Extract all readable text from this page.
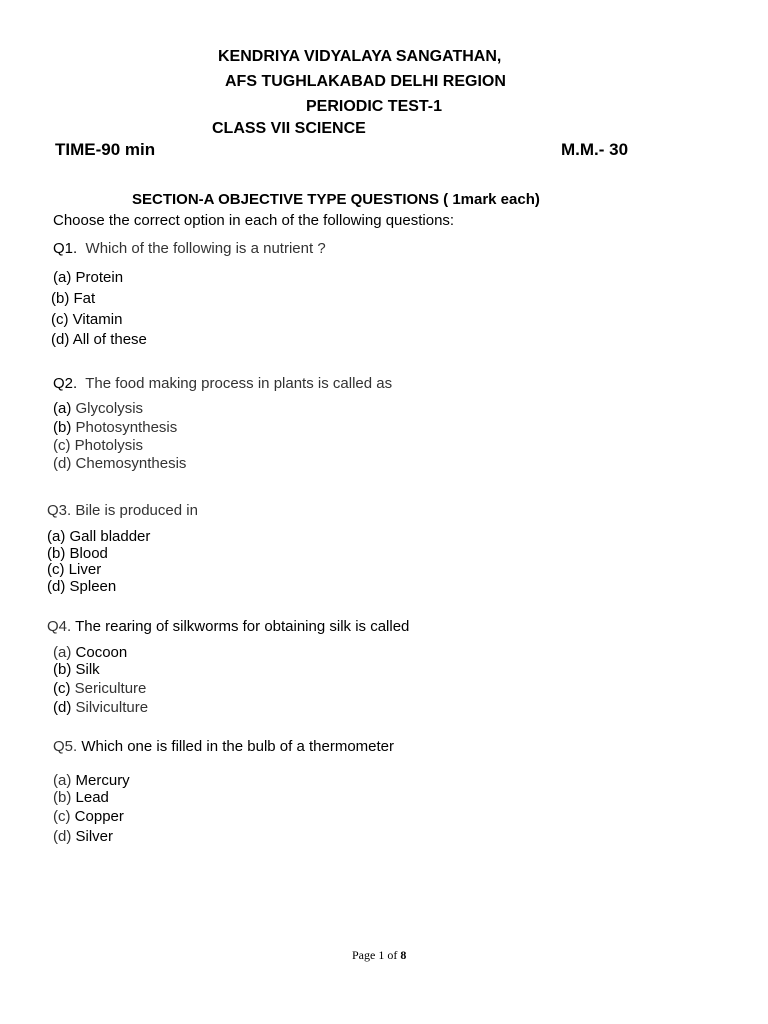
KENDRIYA VIDYALAYA SANGATHAN,
AFS TUGHLAKABAD DELHI REGION
PERIODIC TEST-1
CLASS VII SCIENCE
TIME-90 min	M.M.- 30
SECTION-A OBJECTIVE TYPE QUESTIONS ( 1mark each)
Choose the correct option in each of the following questions:
Q1. Which of the following is a nutrient ?
(a) Protein
(b) Fat
(c) Vitamin
(d) All of these
Q2. The food making process in plants is called as
(a) Glycolysis
(b) Photosynthesis
(c) Photolysis
(d) Chemosynthesis
Q3. Bile is produced in
(a) Gall bladder
(b) Blood
(c) Liver
(d) Spleen
Q4. The rearing of silkworms for obtaining silk is called
(a) Cocoon
(b) Silk
(c) Sericulture
(d) Silviculture
Q5. Which one is filled in the bulb of a thermometer
(a) Mercury
(b) Lead
(c) Copper
(d) Silver
Page 1 of 8
